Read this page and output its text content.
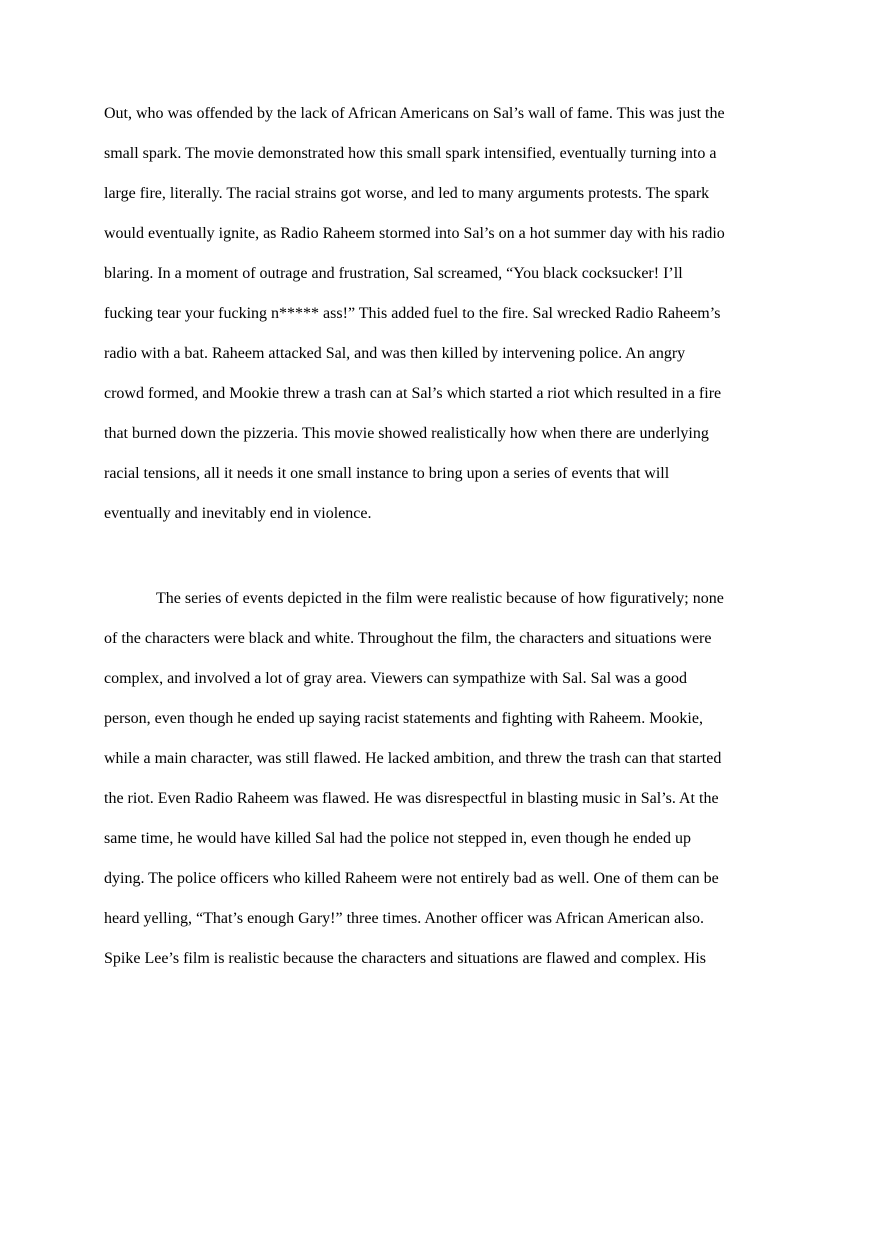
Out, who was offended by the lack of African Americans on Sal’s wall of fame. This was just the
small spark. The movie demonstrated how this small spark intensified, eventually turning into a
large fire, literally. The racial strains got worse, and led to many arguments protests. The spark
would eventually ignite, as Radio Raheem stormed into Sal’s on a hot summer day with his radio
blaring. In a moment of outrage and frustration, Sal screamed, “You black cocksucker! I’ll
fucking tear your fucking n***** ass!” This added fuel to the fire. Sal wrecked Radio Raheem’s
radio with a bat. Raheem attacked Sal, and was then killed by intervening police. An angry
crowd formed, and Mookie threw a trash can at Sal’s which started a riot which resulted in a fire
that burned down the pizzeria. This movie showed realistically how when there are underlying
racial tensions, all it needs it one small instance to bring upon a series of events that will
eventually and inevitably end in violence.
The series of events depicted in the film were realistic because of how figuratively; none
of the characters were black and white. Throughout the film, the characters and situations were
complex, and involved a lot of gray area. Viewers can sympathize with Sal. Sal was a good
person, even though he ended up saying racist statements and fighting with Raheem. Mookie,
while a main character, was still flawed. He lacked ambition, and threw the trash can that started
the riot. Even Radio Raheem was flawed. He was disrespectful in blasting music in Sal’s. At the
same time, he would have killed Sal had the police not stepped in, even though he ended up
dying. The police officers who killed Raheem were not entirely bad as well. One of them can be
heard yelling, “That’s enough Gary!” three times. Another officer was African American also.
Spike Lee’s film is realistic because the characters and situations are flawed and complex. His
